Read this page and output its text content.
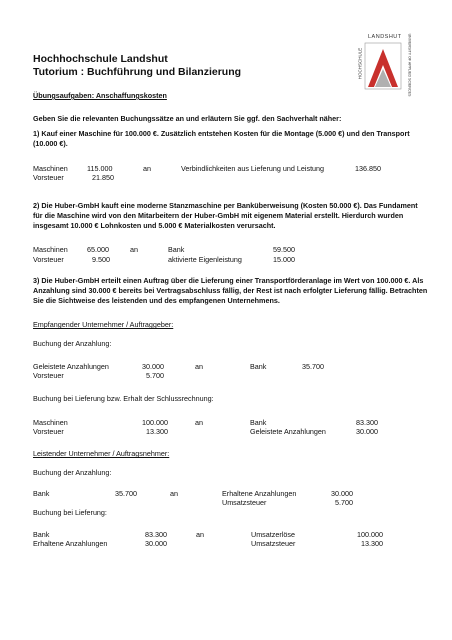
LANDSHUT
HOCHSCHULE	UNIVERSITY OF APPLIED SCIENCES
Hochhochschule Landshut
Tutorium : Buchführung und Bilanzierung
Übungsaufgaben: Anschaffungskosten
Geben Sie die relevanten Buchungssätze an und erläutern Sie ggf. den Sachverhalt näher:
1) Kauf einer Maschine für 100.000 €. Zusätzlich entstehen Kosten für die Montage (5.000 €) und den Transport (10.000 €).
Maschinen	115.000	an	Verbindlichkeiten aus Lieferung und Leistung	136.850
Vorsteuer	21.850
2) Die Huber-GmbH kauft eine moderne Stanzmaschine per Banküberweisung (Kosten 50.000 €). Das Fundament für die Maschine wird von den Mitarbeitern der Huber-GmbH mit eigenem Material erstellt. Hierdurch wurden insgesamt 10.000 € Lohnkosten und 5.000 € Materialkosten verursacht.
Maschinen	65.000	an	Bank	59.500
Vorsteuer	9.500	aktivierte Eigenleistung	15.000
3) Die Huber-GmbH erteilt einen Auftrag über die Lieferung einer Transportförderanlage im Wert von 100.000 €. Als Anzahlung sind 30.000 € bereits bei Vertragsabschluss fällig, der Rest ist nach erfolgter Lieferung fällig. Betrachten Sie die Sichtweise des leistenden und des empfangenen Unternehmens.
Empfangender Unternehmer / Auftraggeber:
Buchung der Anzahlung:
Geleistete Anzahlungen	30.000	an	Bank	35.700
Vorsteuer	5.700
Buchung bei Lieferung bzw. Erhalt der Schlussrechnung:
Maschinen	100.000	an	Bank	83.300
Vorsteuer	13.300	Geleistete Anzahlungen	30.000
Leistender Unternehmer / Auftragsnehmer:
Buchung der Anzahlung:
Bank	35.700	an	Erhaltene Anzahlungen	30.000
Umsatzsteuer	5.700
Buchung bei Lieferung:
Bank	83.300	an	Umsatzerlöse	100.000
Erhaltene Anzahlungen	30.000	Umsatzsteuer	13.300
